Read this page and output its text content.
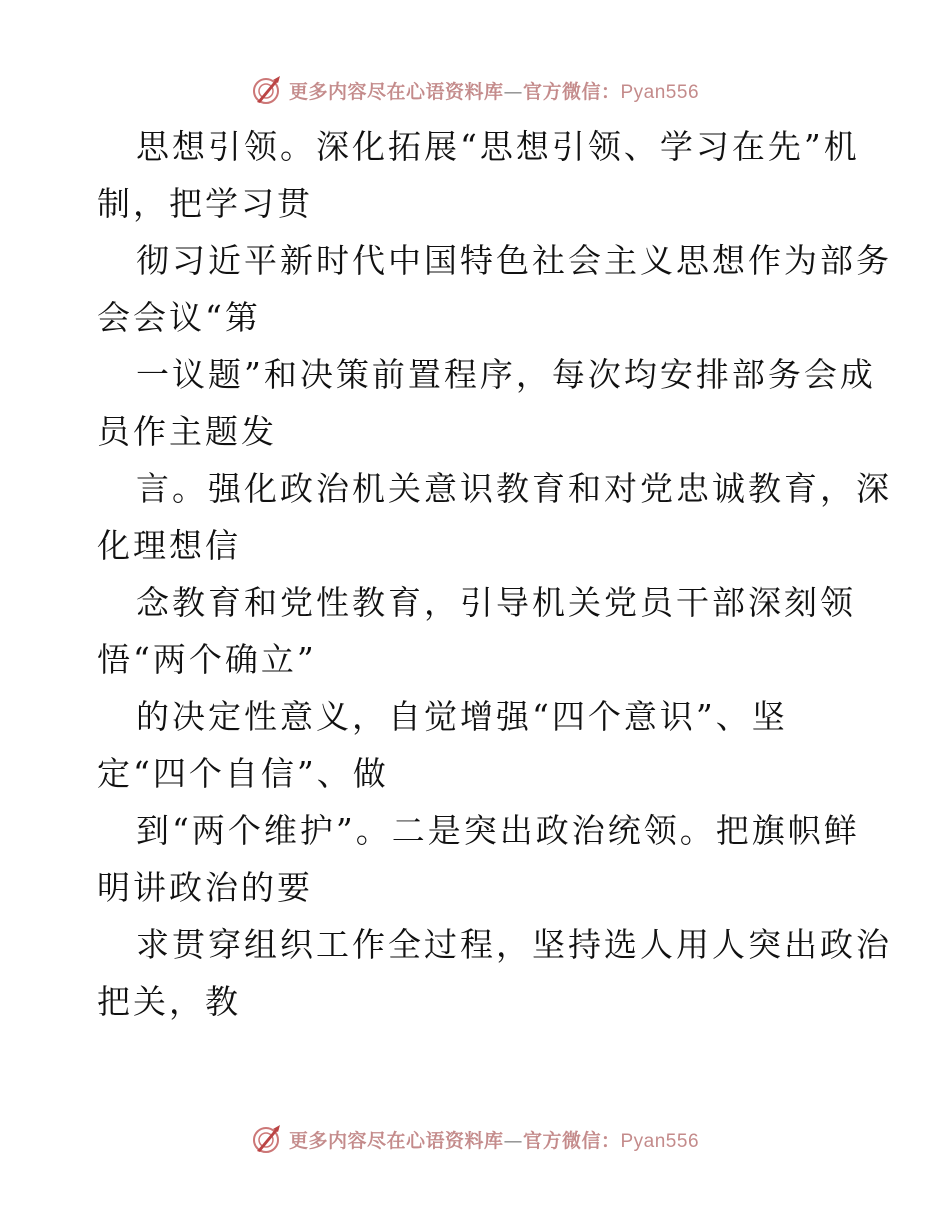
更多内容尽在心语资料库—官方微信：Pyan556
思想引领。深化拓展“思想引领、学习在先”机
制，把学习贯
彻习近平新时代中国特色社会主义思想作为部务
会会议“第
一议题”和决策前置程序，每次均安排部务会成
员作主题发
言。强化政治机关意识教育和对党忠诚教育，深
化理想信
念教育和党性教育，引导机关党员干部深刻领
悟“两个确立”
的决定性意义，自觉增强“四个意识”、坚
定“四个自信”、做
到“两个维护”。二是突出政治统领。把旗帜鲜
明讲政治的要
求贯穿组织工作全过程，坚持选人用人突出政治
把关，教
更多内容尽在心语资料库—官方微信：Pyan556
